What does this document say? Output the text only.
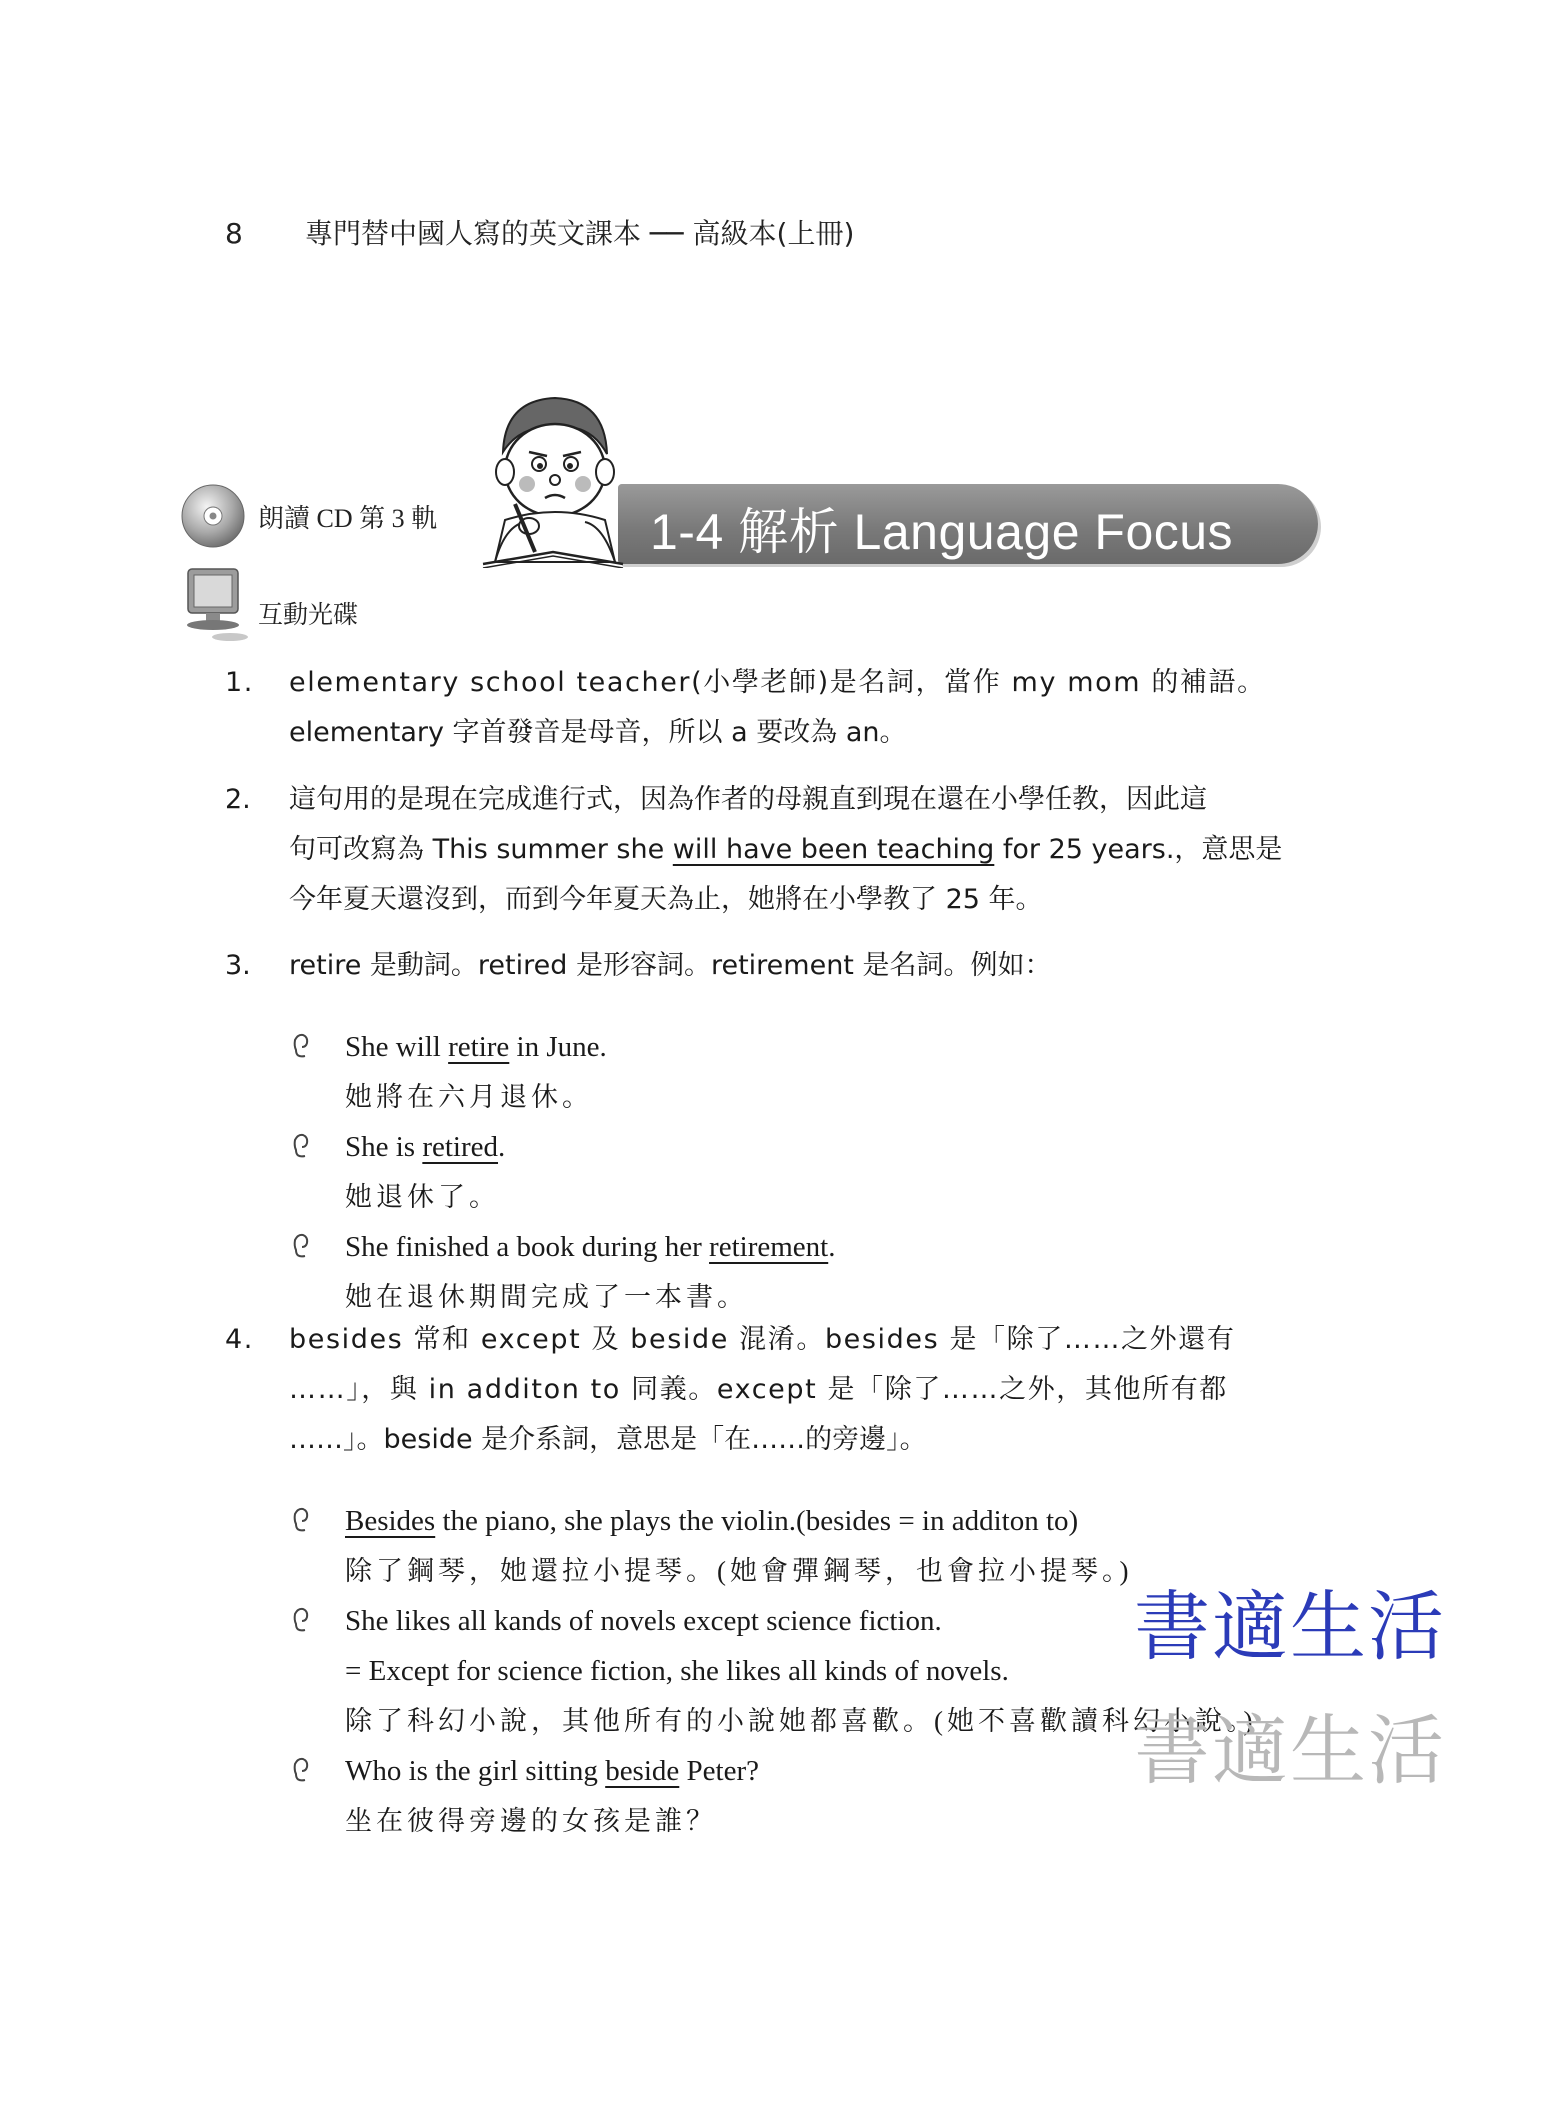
8 專門替中國人寫的英文課本 ── 高級本(上冊)
朗讀 CD 第 3 軌
互動光碟
1-4 解析 Language Focus
1. elementary school teacher(小學老師)是名詞，當作 my mom 的補語。
elementary 字首發音是母音，所以 a 要改為 an。
2. 這句用的是現在完成進行式，因為作者的母親直到現在還在小學任教，因此這
句可改寫為 This summer she will have been teaching for 25 years.，意思是
今年夏天還沒到，而到今年夏天為止，她將在小學教了 25 年。
3. retire 是動詞。retired 是形容詞。retirement 是名詞。例如：
She will retire in June.
她將在六月退休。
She is retired.
她退休了。
She finished a book during her retirement.
她在退休期間完成了一本書。
4. besides 常和 except 及 beside 混淆。besides 是「除了……之外還有
……」，與 in additon to 同義。except 是「除了……之外，其他所有都
……」。beside 是介系詞，意思是「在……的旁邊」。
Besides the piano, she plays the violin.(besides = in additon to)
除了鋼琴，她還拉小提琴。(她會彈鋼琴，也會拉小提琴。)
She likes all kands of novels except science fiction.
= Except for science fiction, she likes all kinds of novels.
除了科幻小說，其他所有的小說她都喜歡。(她不喜歡讀科幻小說。)
Who is the girl sitting beside Peter?
坐在彼得旁邊的女孩是誰？
書適生活
書適生活
